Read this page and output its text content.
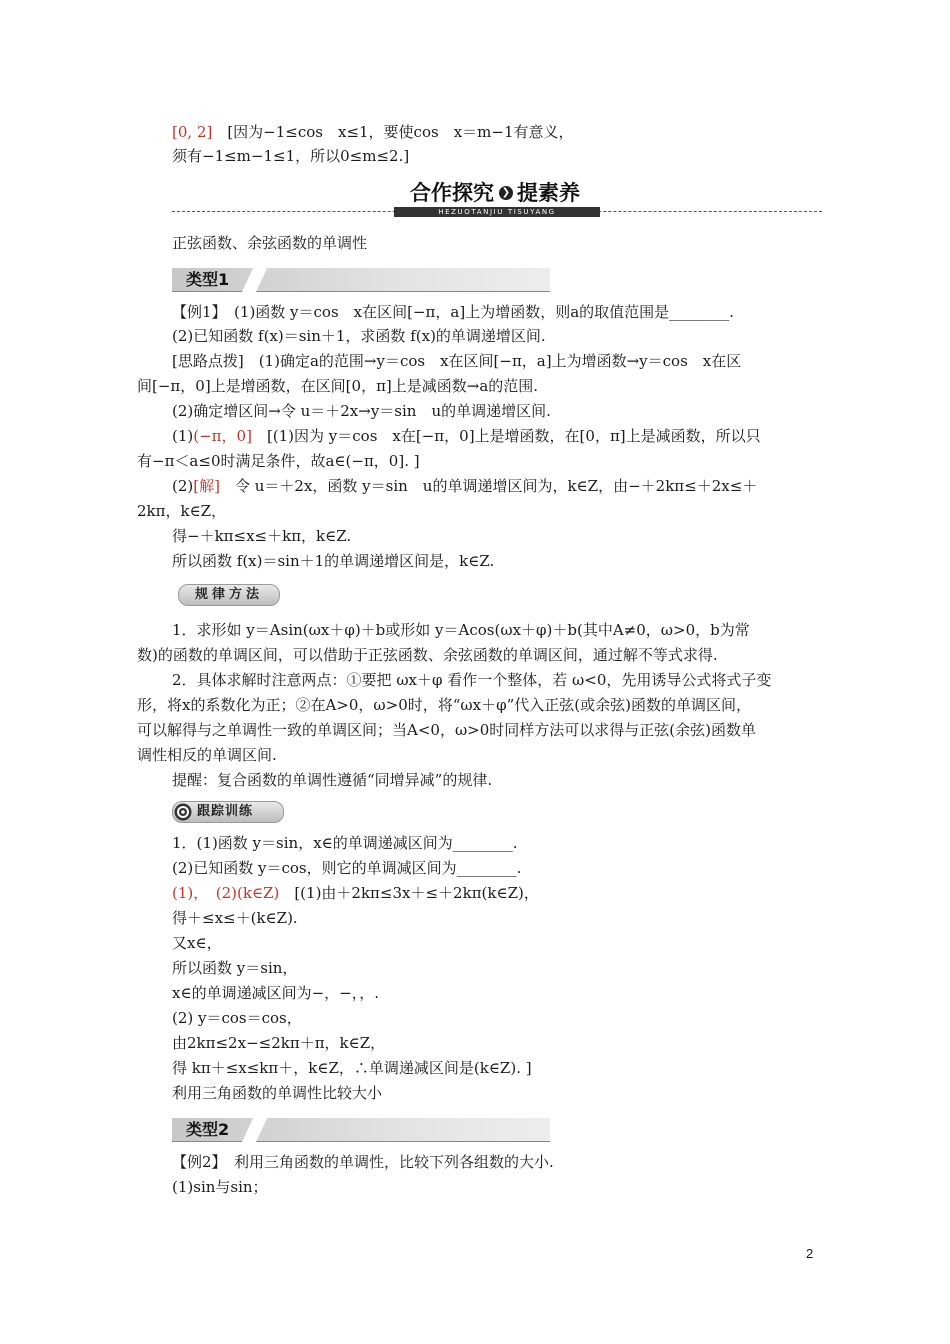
[0, 2]　[因为−1≤cos　x≤1，要使cos　x＝m−1有意义，
须有−1≤m−1≤1，所以0≤m≤2.]
HEZUOTANJIU TISUYANG
合作探究 ❯ 提素养
正弦函数、余弦函数的单调性
类型1
【例1】　(1)函数 y＝cos　x在区间[−π，a]上为增函数，则a的取值范围是________.
(2)已知函数 f(x)＝sin＋1，求函数 f(x)的单调递增区间.
[思路点拨]　(1)确定a的范围→y＝cos　x在区间[−π，a]上为增函数→y＝cos　x在区
间[−π，0]上是增函数，在区间[0，π]上是减函数→a的范围.
(2)确定增区间→令 u＝＋2x→y＝sin　u的单调递增区间.
(1)(−π，0]　[(1)因为 y＝cos　x在[−π，0]上是增函数，在[0，π]上是减函数，所以只
有−π＜a≤0时满足条件，故a∈(−π，0]. ]
(2)[解]　令 u＝＋2x，函数 y＝sin　u的单调递增区间为，k∈Z，由−＋2kπ≤＋2x≤＋
2kπ，k∈Z，
得−＋kπ≤x≤＋kπ，k∈Z.
所以函数 f(x)＝sin＋1的单调递增区间是，k∈Z.
规律方法
1．求形如 y＝Asin(ωx＋φ)＋b或形如 y＝Acos(ωx＋φ)＋b(其中A≠0，ω>0，b为常
数)的函数的单调区间，可以借助于正弦函数、余弦函数的单调区间，通过解不等式求得.
2．具体求解时注意两点：①要把 ωx＋φ 看作一个整体，若 ω<0，先用诱导公式将式子变
形，将x的系数化为正；②在A>0，ω>0时，将“ωx＋φ”代入正弦(或余弦)函数的单调区间，
可以解得与之单调性一致的单调区间；当A<0，ω>0时同样方法可以求得与正弦(余弦)函数单
调性相反的单调区间.
提醒：复合函数的单调性遵循“同增异减”的规律.
跟踪训练
1．(1)函数 y＝sin，x∈的单调递减区间为________.
(2)已知函数 y＝cos，则它的单调减区间为________.
(1)，　(2)(k∈Z)　[(1)由＋2kπ≤3x＋≤＋2kπ(k∈Z)，
得＋≤x≤＋(k∈Z).
又x∈，
所以函数 y＝sin，
x∈的单调递减区间为−，−，，.
(2) y＝cos＝cos，
由2kπ≤2x−≤2kπ＋π，k∈Z，
得 kπ＋≤x≤kπ＋，k∈Z，∴单调递减区间是(k∈Z). ]
利用三角函数的单调性比较大小
类型2
【例2】　利用三角函数的单调性，比较下列各组数的大小.
(1)sin与sin；
2
